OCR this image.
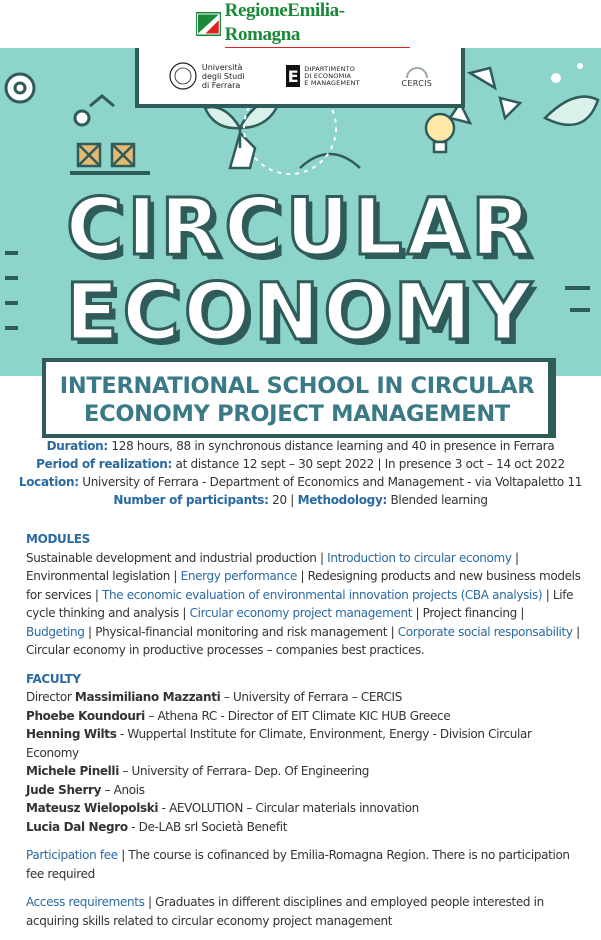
RegioneEmilia-Romagna
Università
degli Studi
di Ferrara	E DIPARTIMENTO
DI ECONOMIA
E MANAGEMENT	CERCIS
CIRCULAR
ECONOMY
INTERNATIONAL SCHOOL IN CIRCULAR
ECONOMY PROJECT MANAGEMENT
Duration: 128 hours, 88 in synchronous distance learning and 40 in presence in Ferrara
Period of realization: at distance 12 sept – 30 sept 2022 | In presence 3 oct – 14 oct 2022
Location: University of Ferrara - Department of Economics and Management - via Voltapaletto 11
Number of participants: 20 | Methodology: Blended learning

MODULES

Sustainable development and industrial production | Introduction to circular economy | Environmental legislation | Energy performance | Redesigning products and new business models for services | The economic evaluation of environmental innovation projects (CBA analysis) | Life cycle thinking and analysis | Circular economy project management | Project financing | Budgeting | Physical-financial monitoring and risk management | Corporate social responsability | Circular economy in productive processes – companies best practices.

FACULTY

Director Massimiliano Mazzanti – University of Ferrara – CERCIS

Phoebe Koundouri – Athena RC - Director of EIT Climate KIC HUB Greece

Henning Wilts - Wuppertal Institute for Climate, Environment, Energy - Division Circular Economy

Michele Pinelli – University of Ferrara- Dep. Of Engineering

Jude Sherry – Anois

Mateusz Wielopolski - AEVOLUTION – Circular materials innovation

Lucia Dal Negro - De-LAB srl Società Benefit

Participation fee | The course is cofinanced by Emilia-Romagna Region. There is no participation fee required

Access requirements | Graduates in different disciplines and employed people interested in acquiring skills related to circular economy project management
